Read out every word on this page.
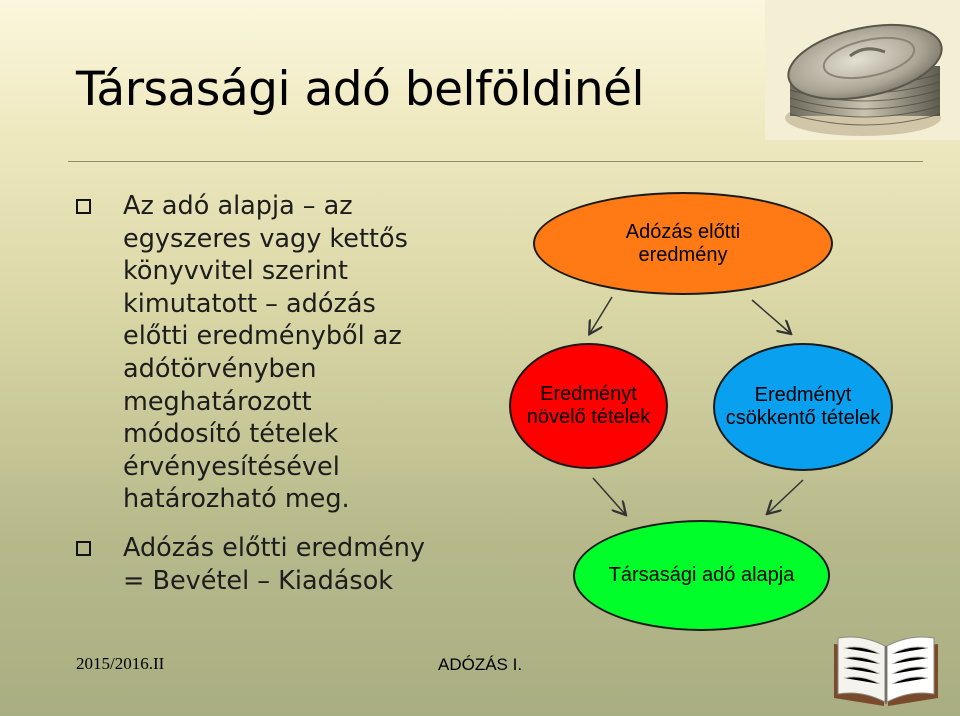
Társasági adó belföldinél
Az adó alapja – az
egyszeres vagy kettős
könyvvitel szerint
kimutatott – adózás
előtti eredményből az
adótörvényben
meghatározott
módosító tételek
érvényesítésével
határozható meg.
Adózás előtti eredmény
= Bevétel – Kiadások
Adózás előtti
eredmény
Eredményt
növelő tételek
Eredményt
csökkentő tételek
Társasági adó alapja
2015/2016.II	ADÓZÁS I.
